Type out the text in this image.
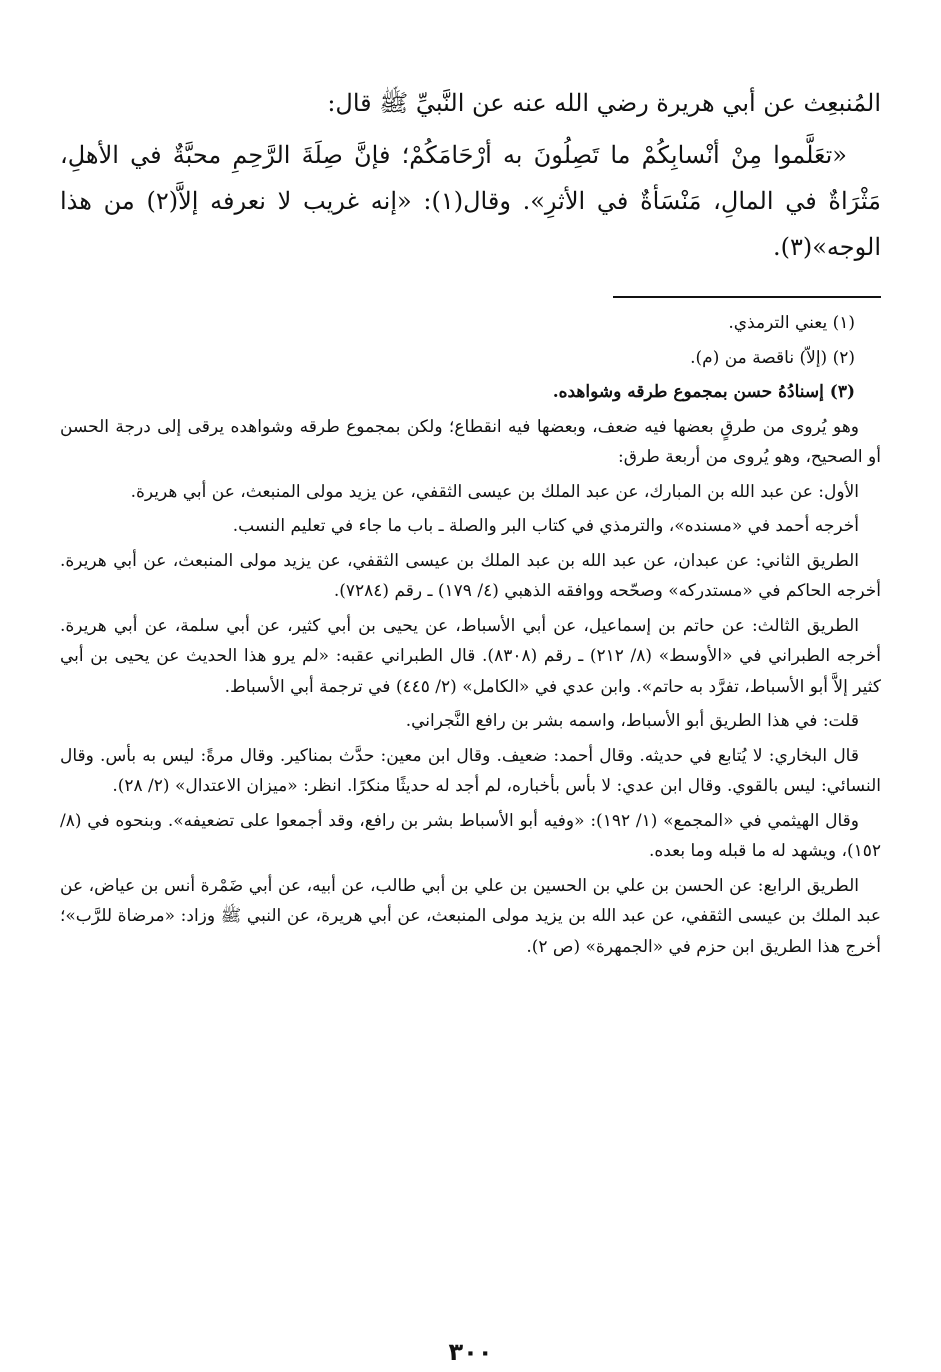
المُنبعِث عن أبي هريرة رضي الله عنه عن النَّبيِّ ﷺ قال:

«تعَلَّموا مِنْ أنْسابِكُمْ ما تَصِلُونَ به أرْحَامَكُمْ؛ فإنَّ صِلَةَ الرَّحِمِ محبَّةٌ في الأهلِ، مَثْرَاةٌ في المالِ، مَنْسَأةٌ في الأثرِ». وقال(١): «إنه غريب لا نعرفه إلاَّ(٢) من هذا الوجه»(٣).

(١) يعني الترمذي.

(٢) (إلاّ) ناقصة من (م).

(٣) إسنادُهُ حسن بمجموع طرقه وشواهده.

وهو يُروى من طرقٍ بعضها فيه ضعف، وبعضها فيه انقطاع؛ ولكن بمجموع طرقه وشواهده يرقى إلى درجة الحسن أو الصحيح، وهو يُروى من أربعة طرق:

الأول: عن عبد الله بن المبارك، عن عبد الملك بن عيسى الثقفي، عن يزيد مولى المنبعث، عن أبي هريرة.

أخرجه أحمد في «مسنده»، والترمذي في كتاب البر والصلة ـ باب ما جاء في تعليم النسب.

الطريق الثاني: عن عبدان، عن عبد الله بن عبد الملك بن عيسى الثقفي، عن يزيد مولى المنبعث، عن أبي هريرة. أخرجه الحاكم في «مستدركه» وصحّحه ووافقه الذهبي (٤/ ١٧٩) ـ رقم (٧٢٨٤).

الطريق الثالث: عن حاتم بن إسماعيل، عن أبي الأسباط، عن يحيى بن أبي كثير، عن أبي سلمة، عن أبي هريرة. أخرجه الطبراني في «الأوسط» (٨/ ٢١٢) ـ رقم (٨٣٠٨). قال الطبراني عقبه: «لم يرو هذا الحديث عن يحيى بن أبي كثير إلاَّ أبو الأسباط، تفرَّد به حاتم». وابن عدي في «الكامل» (٢/ ٤٤٥) في ترجمة أبي الأسباط.

قلت: في هذا الطريق أبو الأسباط، واسمه بشر بن رافع النَّجراني.

قال البخاري: لا يُتابع في حديثه. وقال أحمد: ضعيف. وقال ابن معين: حدَّث بمناكير. وقال مرةً: ليس به بأس. وقال النسائي: ليس بالقوي. وقال ابن عدي: لا بأس بأخباره، لم أجد له حديثًا منكرًا. انظر: «ميزان الاعتدال» (٢/ ٢٨).

وقال الهيثمي في «المجمع» (١/ ١٩٢): «وفيه أبو الأسباط بشر بن رافع، وقد أجمعوا على تضعيفه». وبنحوه في (٨/ ١٥٢)، ويشهد له ما قبله وما بعده.

الطريق الرابع: عن الحسن بن علي بن الحسين بن علي بن أبي طالب، عن أبيه، عن أبي ضَمْرة أنس بن عياض، عن عبد الملك بن عيسى الثقفي، عن عبد الله بن يزيد مولى المنبعث، عن أبي هريرة، عن النبي ﷺ وزاد: «مرضاة للرَّب»؛ أخرج هذا الطريق ابن حزم في «الجمهرة» (ص ٢).

٣٠٠
